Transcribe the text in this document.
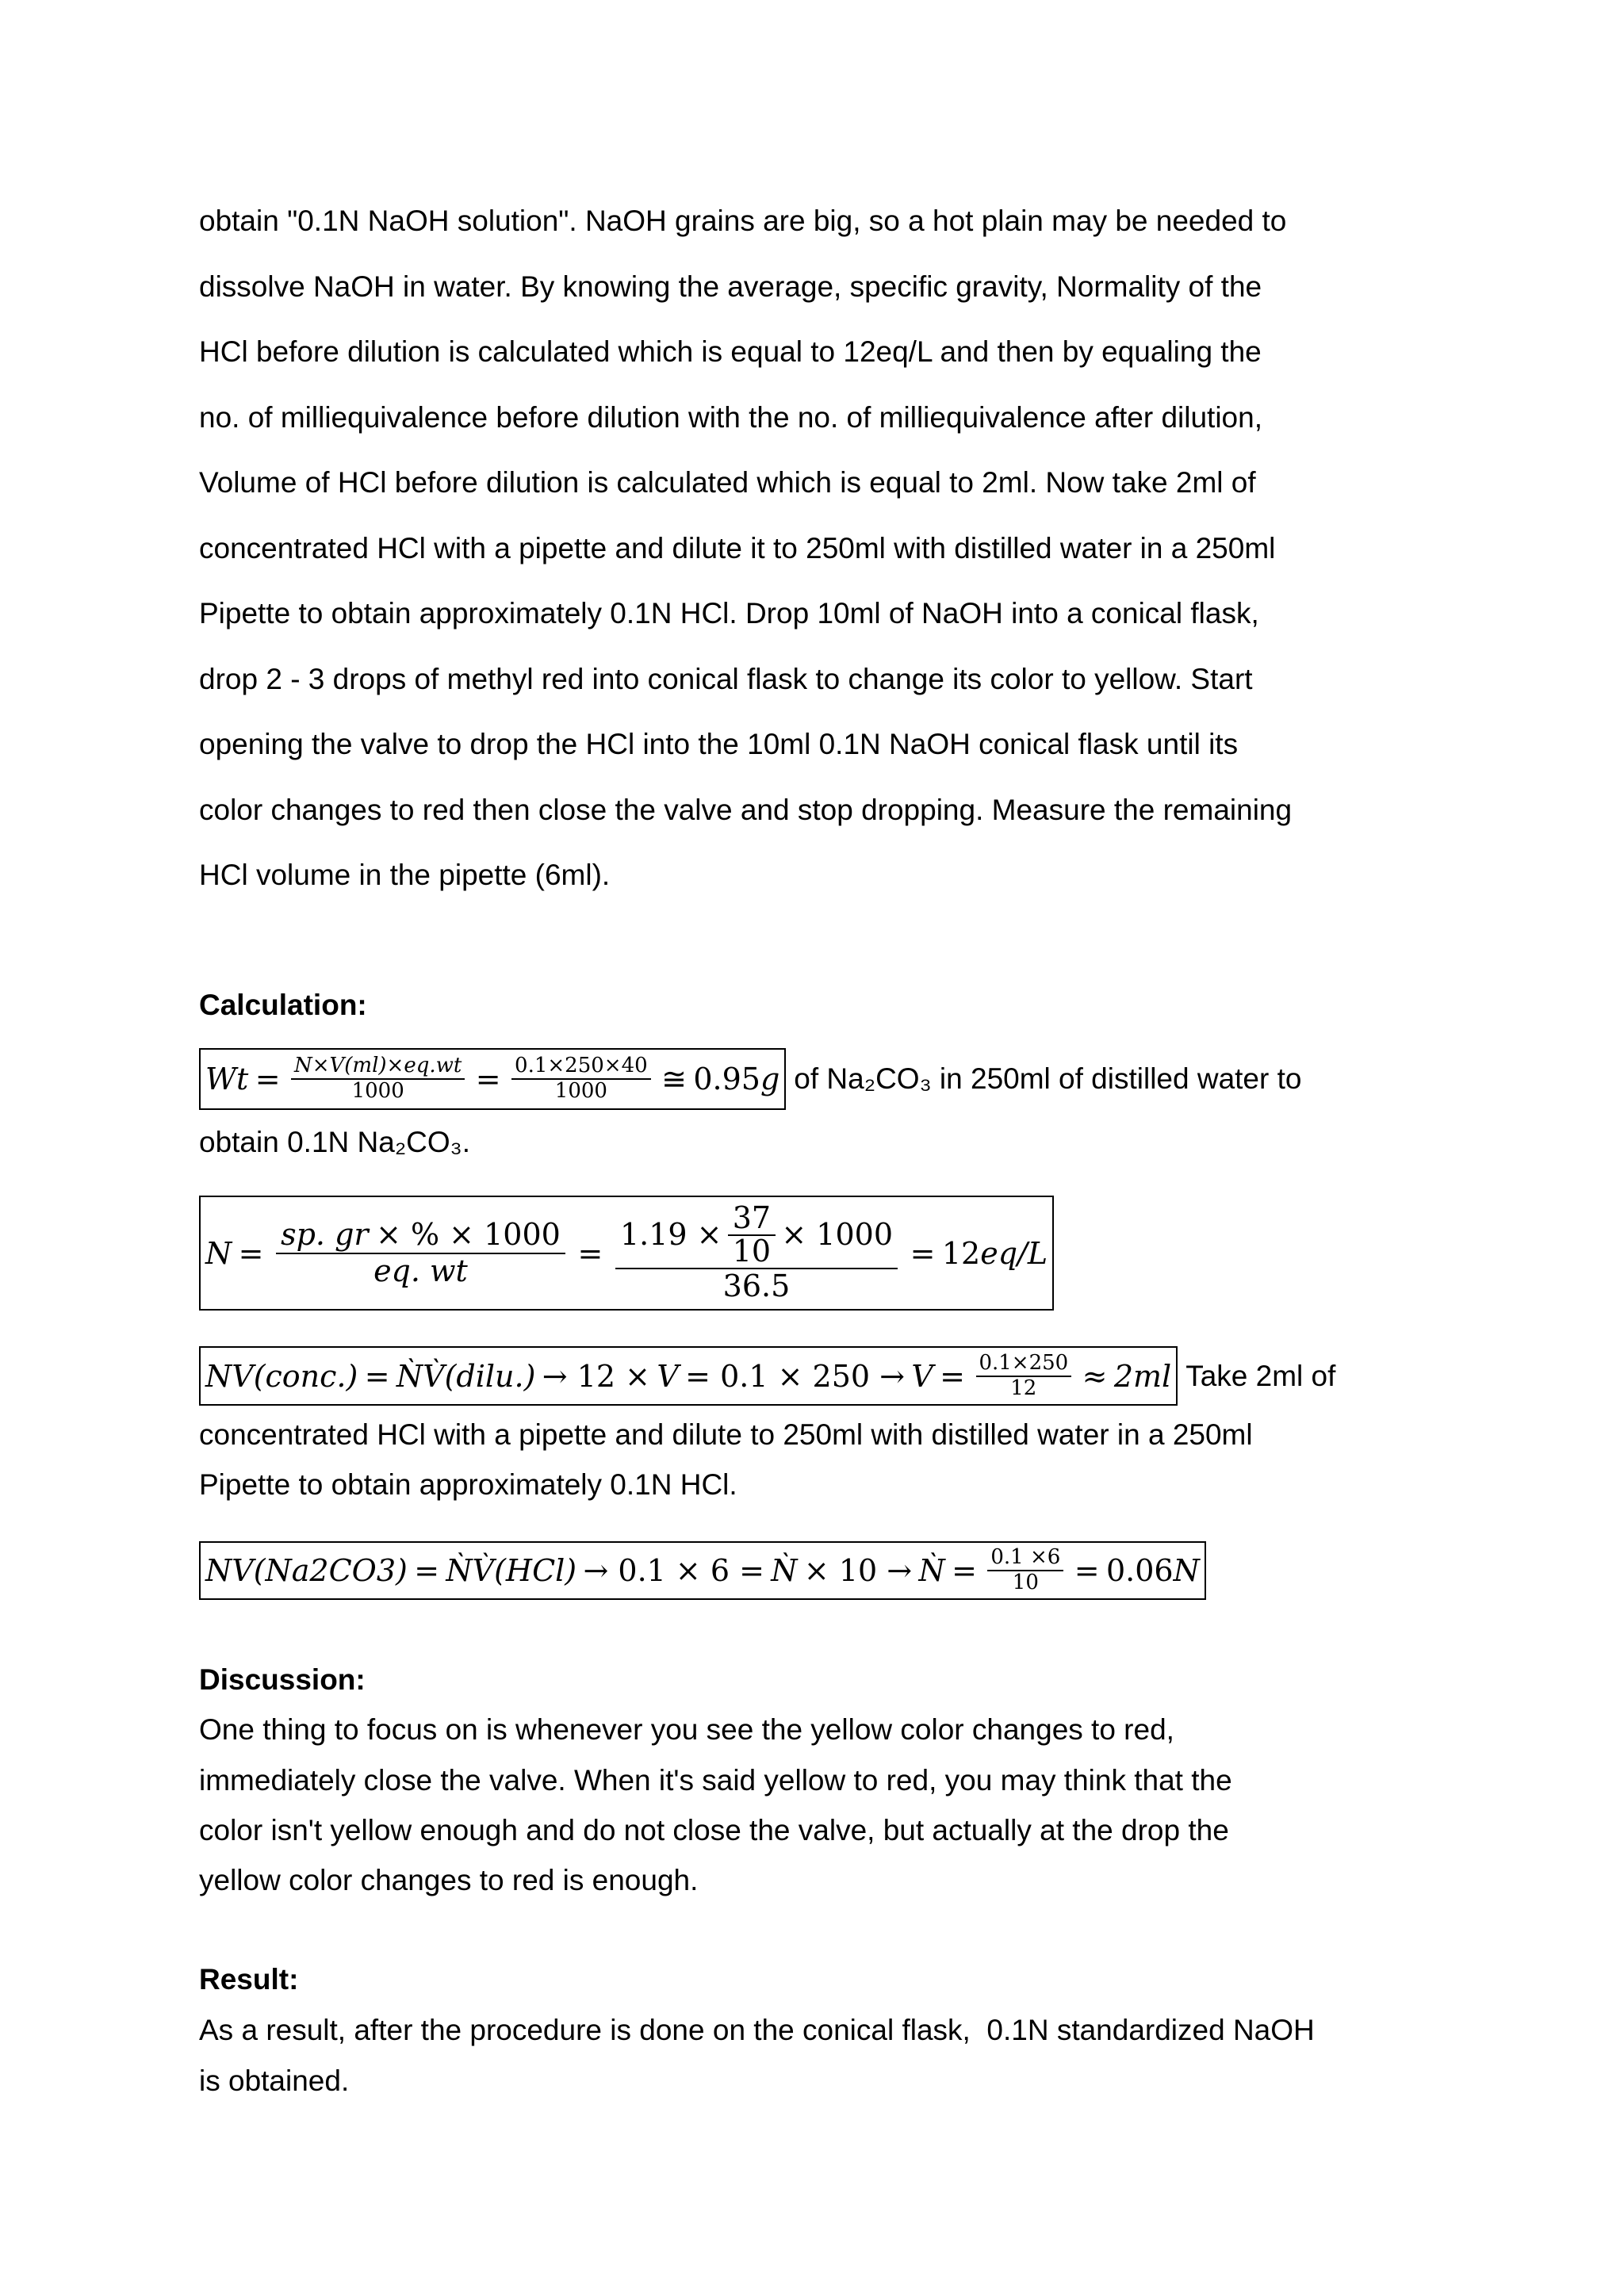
obtain "0.1N NaOH solution". NaOH grains are big, so a hot plain may be needed to
dissolve NaOH in water. By knowing the average, specific gravity, Normality of the
HCl before dilution is calculated which is equal to 12eq/L and then by equaling the
no. of milliequivalence before dilution with the no. of milliequivalence after dilution,
Volume of HCl before dilution is calculated which is equal to 2ml. Now take 2ml of
concentrated HCl with a pipette and dilute it to 250ml with distilled water in a 250ml
Pipette to obtain approximately 0.1N HCl. Drop 10ml of NaOH into a conical flask,
drop 2 - 3 drops of methyl red into conical flask to change its color to yellow. Start
opening the valve to drop the HCl into the 10ml 0.1N NaOH conical flask until its
color changes to red then close the valve and stop dropping. Measure the remaining
HCl volume in the pipette (6ml).
Calculation:
$Wt = \frac{N\times V(ml)\times eq.wt}{1000} = \frac{0.1\times 250\times 40}{1000}$ ≅ 0.95 g of Na₂CO₃ in 250ml of distilled water to
obtain 0.1N Na₂CO₃.
$N = \frac{sp. gr \times \% \times 1000}{eq. wt}$ =
$1.19 \times \frac{37}{10} \times 1000$
36.5
= 12 eq/L
NV(conc.) = ǸV̀(dilu.) → $12 \times V = 0.1 \times 250 \to V = \frac{0.1\times 250}{12} \approx 2ml$ Take 2ml of
concentrated HCl with a pipette and dilute to 250ml with distilled water in a 250ml
Pipette to obtain approximately 0.1N HCl.
NV(Na2CO3) = ǸV̀(HCl) → 0.1 × 6 = Ǹ × 10 → Ǹ = $\frac{0.1 \times 6}{10} = 0.06$ N
Discussion:
One thing to focus on is whenever you see the yellow color changes to red,
immediately close the valve. When it's said yellow to red, you may think that the
color isn't yellow enough and do not close the valve, but actually at the drop the
yellow color changes to red is enough.
Result:
As a result, after the procedure is done on the conical flask,  0.1N standardized NaOH
is obtained.
